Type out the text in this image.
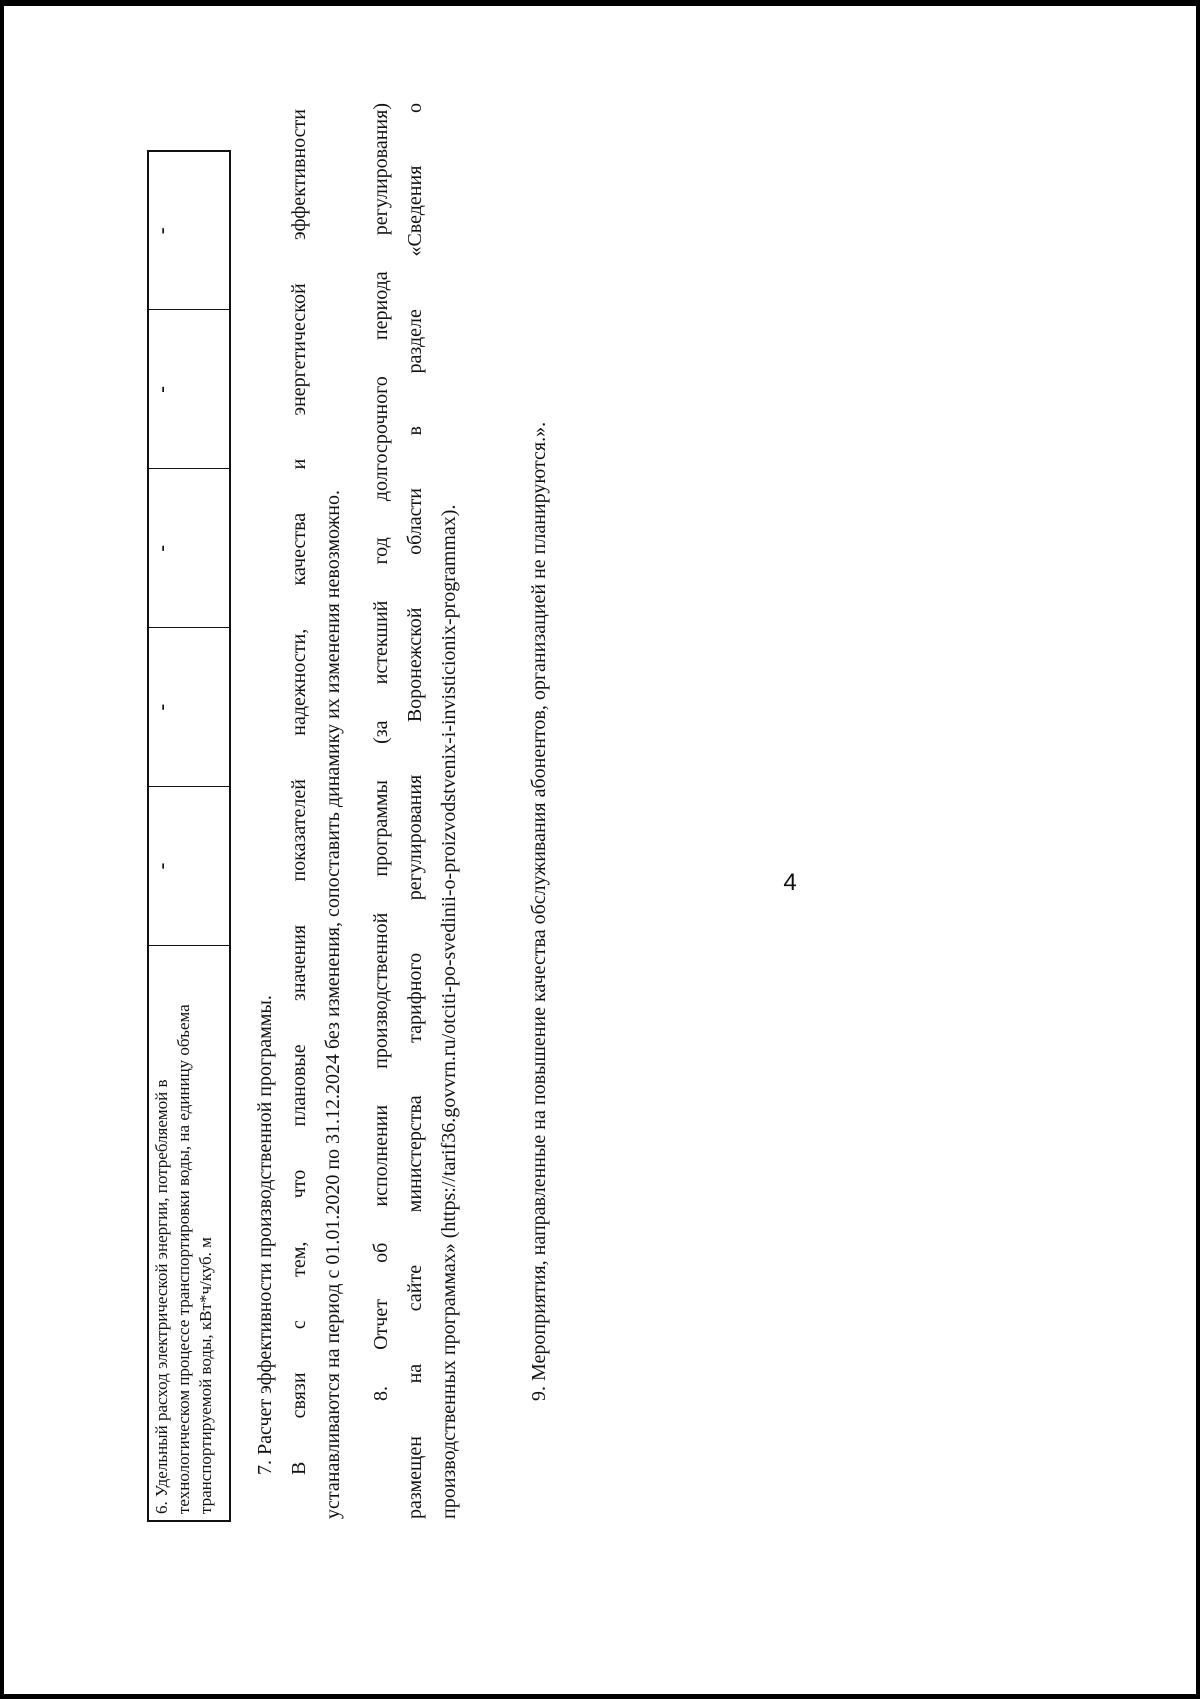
4
6. Удельный расход электрической энергии, потребляемой в технологическом процессе транспортировки воды, на единицу объема транспортируемой воды, кВт*ч/куб. м	-	-	-	-	-
7. Расчет эффективности производственной программы. В связи с тем, что плановые значения показателей надежности, качества и энергетической эффективности устанавливаются на период с 01.01.2020 по 31.12.2024 без изменения, сопоставить динамику их изменения невозможно.	8. Отчет об исполнении производственной программы (за истекший год долгосрочного периода регулирования) размещен на сайте министерства тарифного регулирования Воронежской области в разделе «Сведения о производственных программах» (https://tarif36.govvrn.ru/otciti-po-svedinii-o-proizvodstvenix-i-invisticionix-programmax).	9. Мероприятия, направленные на повышение качества обслуживания абонентов, организацией не планируются.».
